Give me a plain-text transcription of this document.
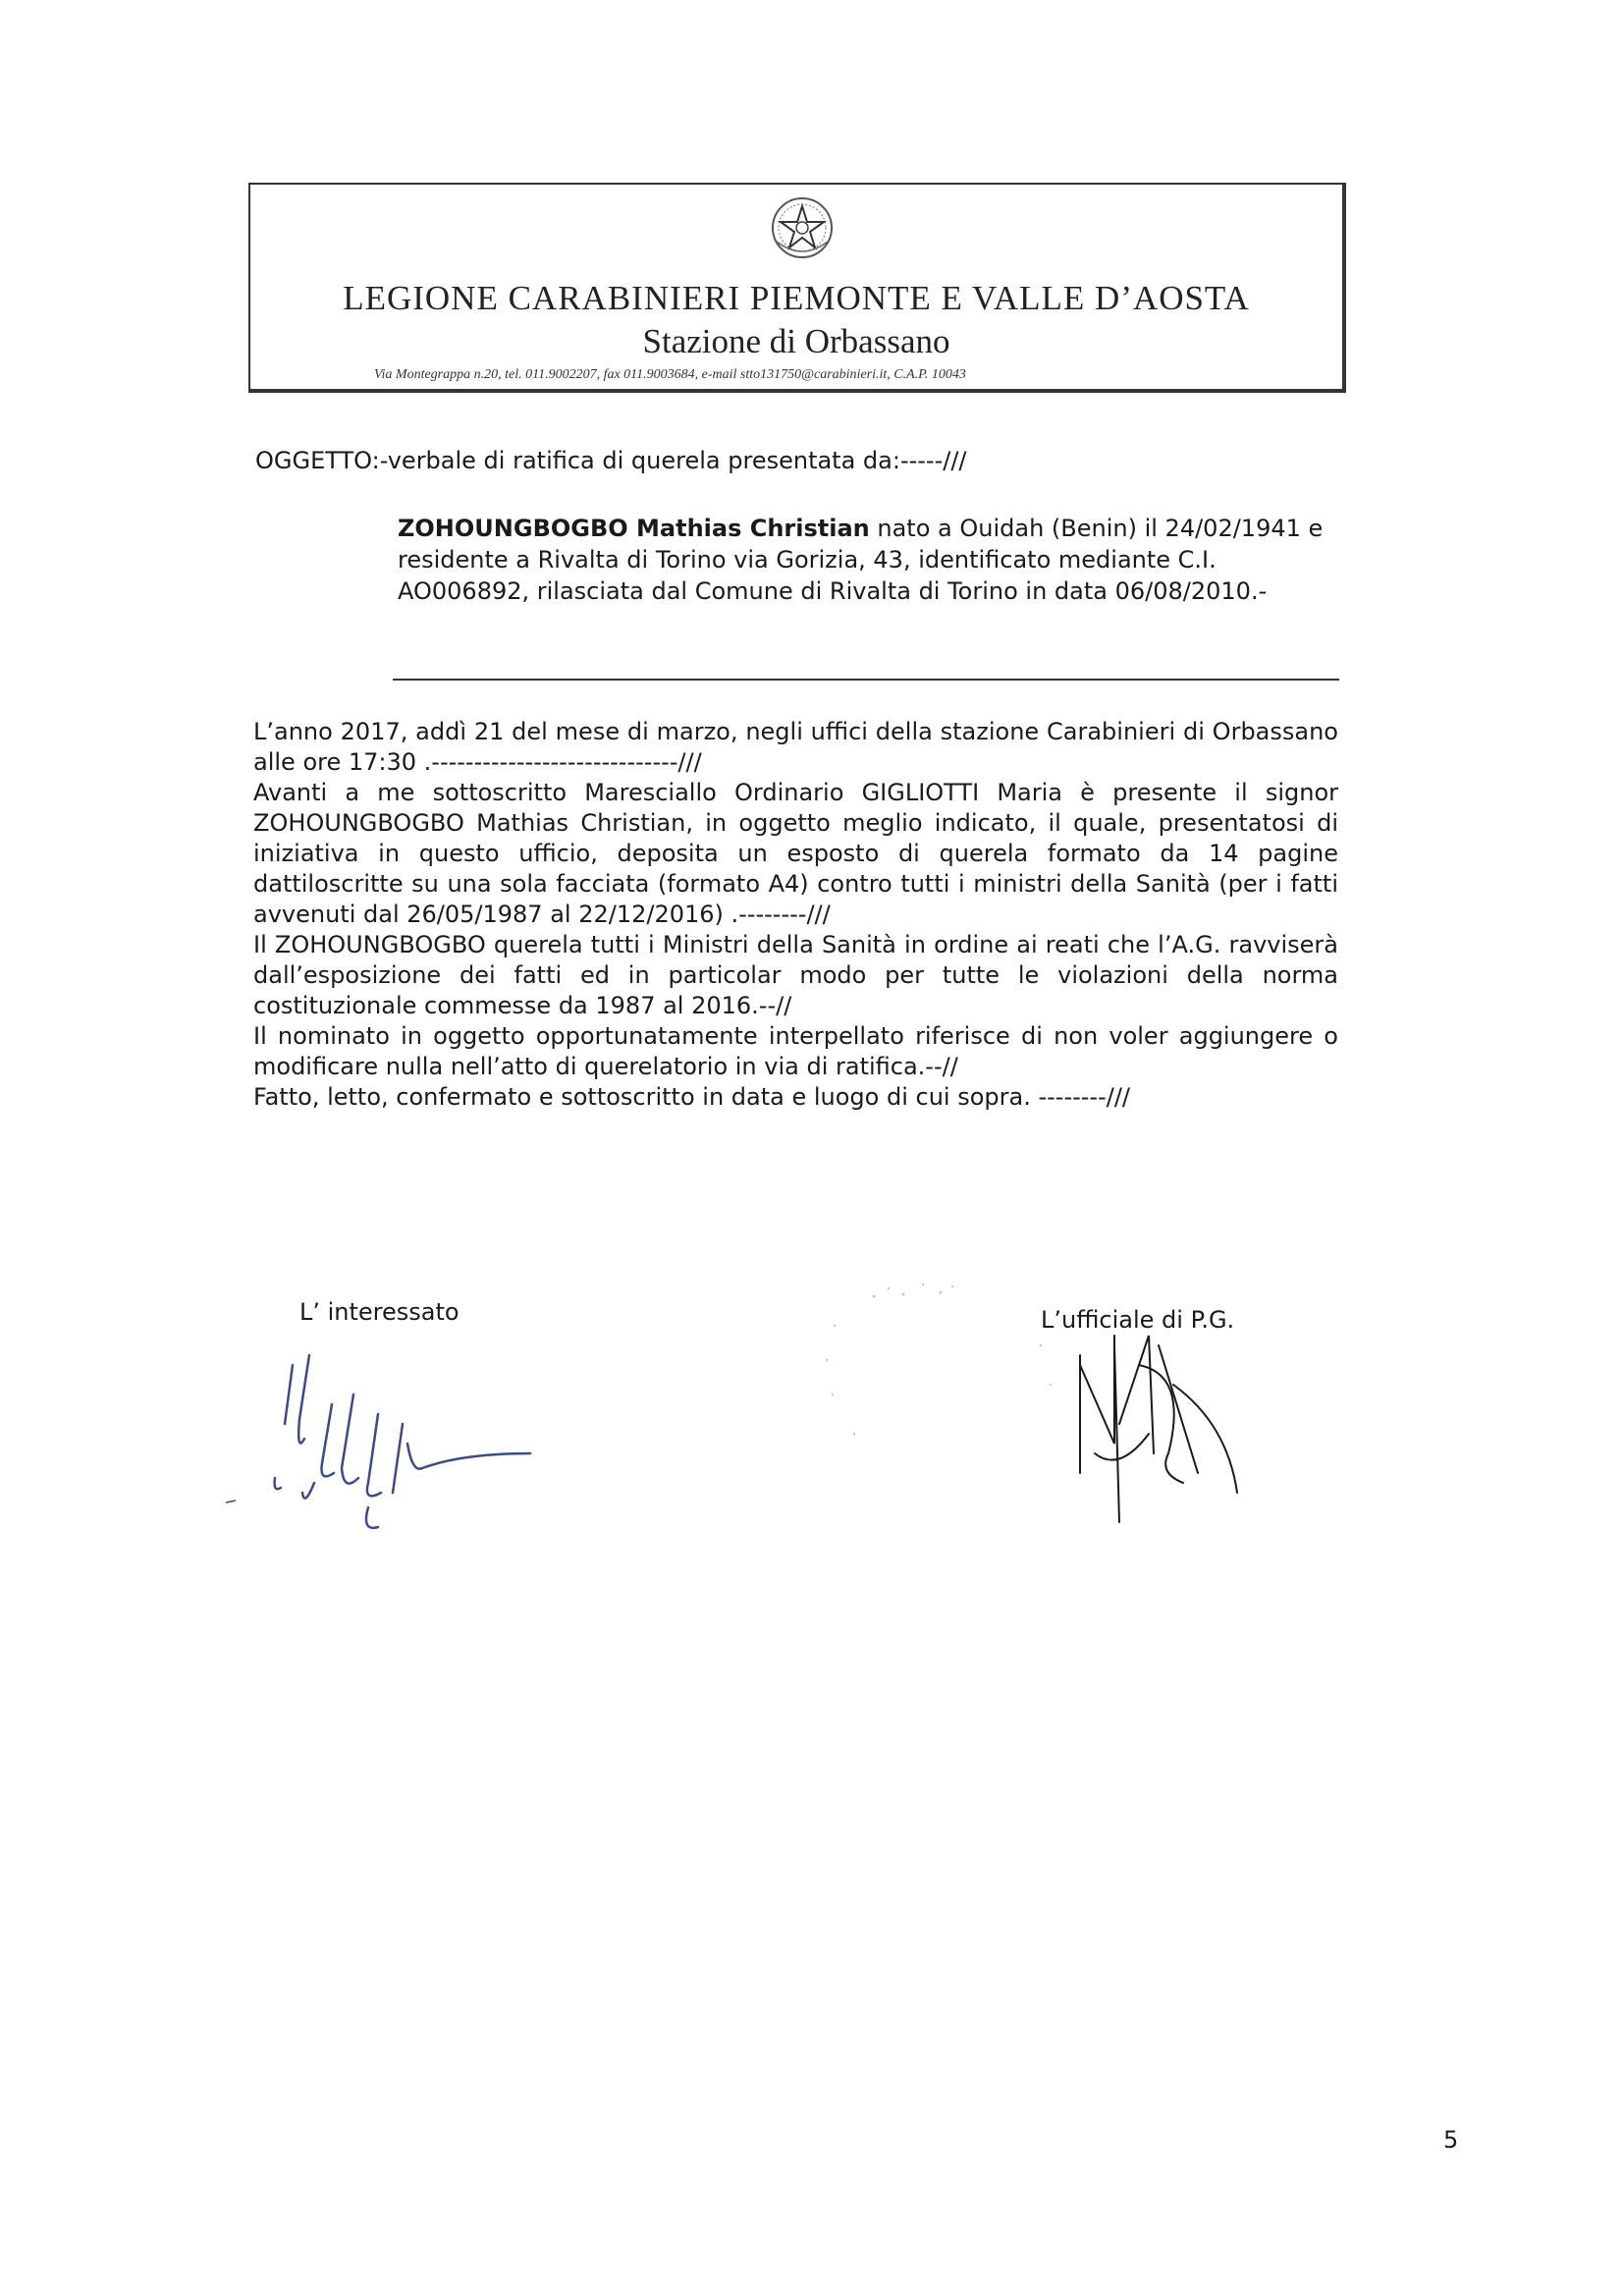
LEGIONE CARABINIERI PIEMONTE E VALLE D’AOSTA
Stazione di Orbassano
Via Montegrappa n.20, tel. 011.9002207, fax 011.9003684, e-mail stto131750@carabinieri.it, C.A.P. 10043
OGGETTO:-verbale di ratifica di querela presentata da:-----///
ZOHOUNGBOGBO Mathias Christian nato a Ouidah (Benin) il 24/02/1941 e residente a Rivalta di Torino via Gorizia, 43, identificato mediante C.I. AO006892, rilasciata dal Comune di Rivalta di Torino in data 06/08/2010.-

L’anno 2017, addì 21 del mese di marzo, negli uffici della stazione Carabinieri di Orbassano alle ore 17:30 .-----------------------------///

Avanti a me sottoscritto Maresciallo Ordinario GIGLIOTTI Maria è presente il signor ZOHOUNGBOGBO Mathias Christian, in oggetto meglio indicato, il quale, presentatosi di iniziativa in questo ufficio, deposita un esposto di querela formato da 14 pagine dattiloscritte su una sola facciata (formato A4) contro tutti i ministri della Sanità (per i fatti avvenuti dal 26/05/1987 al 22/12/2016) .--------///

Il ZOHOUNGBOGBO querela tutti i Ministri della Sanità in ordine ai reati che l’A.G. ravviserà dall’esposizione dei fatti ed in particolar modo per tutte le violazioni della norma costituzionale commesse da 1987 al 2016.--//

Il nominato in oggetto opportunatamente interpellato riferisce di non voler aggiungere o modificare nulla nell’atto di querelatorio in via di ratifica.--//

Fatto, letto, confermato e sottoscritto in data e luogo di cui sopra. --------///

L’ interessato	L’ufficiale di P.G.
5
